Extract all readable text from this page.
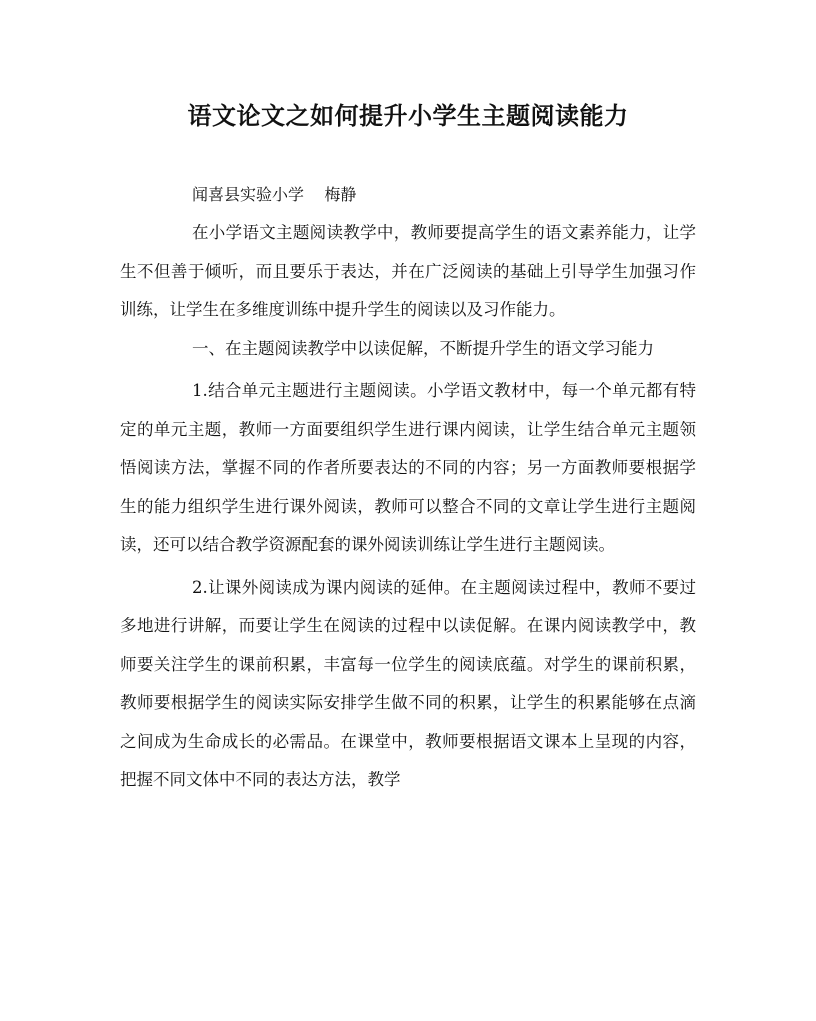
语文论文之如何提升小学生主题阅读能力

闻喜县实验小学    梅静

在小学语文主题阅读教学中，教师要提高学生的语文素养能力，让学生不但善于倾听，而且要乐于表达，并在广泛阅读的基础上引导学生加强习作训练，让学生在多维度训练中提升学生的阅读以及习作能力。

一、在主题阅读教学中以读促解，不断提升学生的语文学习能力

1.结合单元主题进行主题阅读。小学语文教材中，每一个单元都有特定的单元主题，教师一方面要组织学生进行课内阅读，让学生结合单元主题领悟阅读方法，掌握不同的作者所要表达的不同的内容；另一方面教师要根据学生的能力组织学生进行课外阅读，教师可以整合不同的文章让学生进行主题阅读，还可以结合教学资源配套的课外阅读训练让学生进行主题阅读。

2.让课外阅读成为课内阅读的延伸。在主题阅读过程中，教师不要过多地进行讲解，而要让学生在阅读的过程中以读促解。在课内阅读教学中，教师要关注学生的课前积累，丰富每一位学生的阅读底蕴。对学生的课前积累，教师要根据学生的阅读实际安排学生做不同的积累，让学生的积累能够在点滴之间成为生命成长的必需品。在课堂中，教师要根据语文课本上呈现的内容，把握不同文体中不同的表达方法，教学
